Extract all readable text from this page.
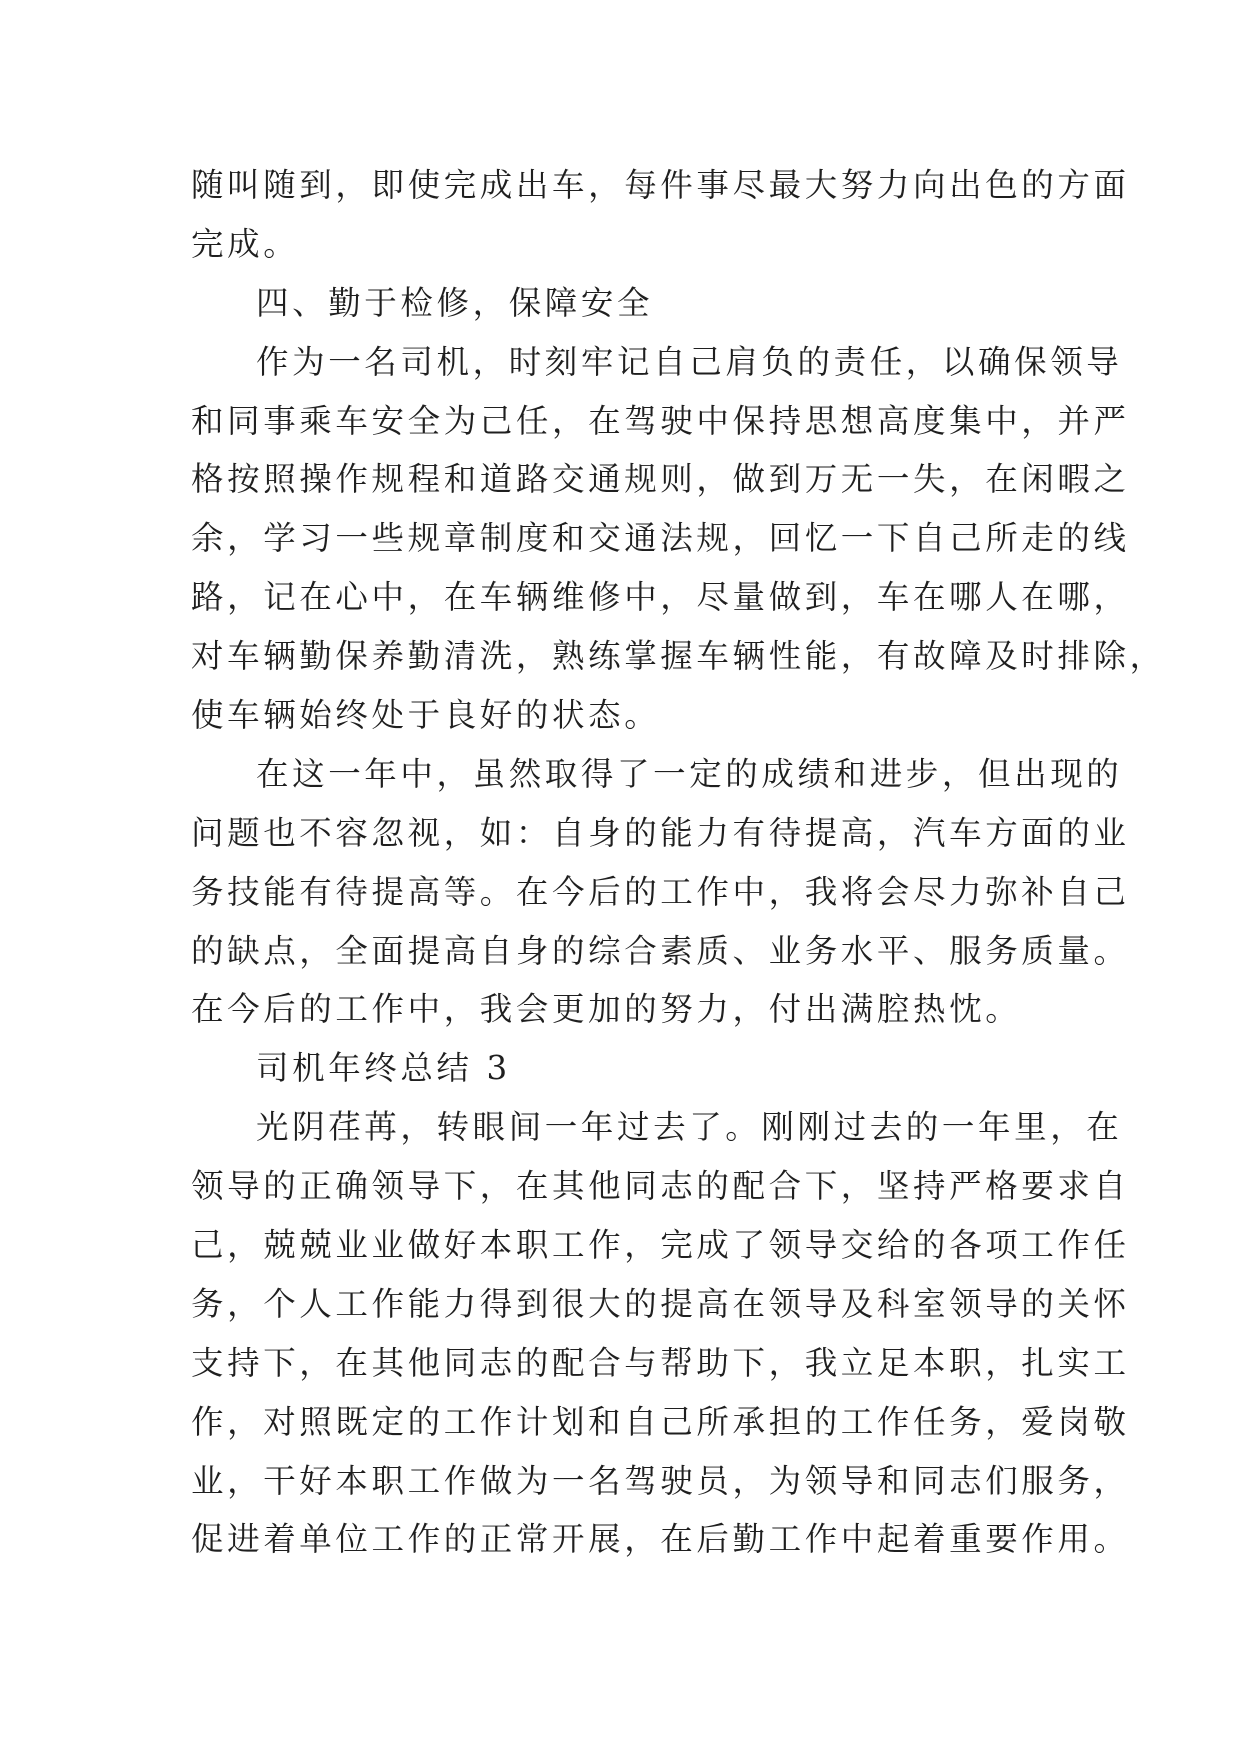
随叫随到，即使完成出车，每件事尽最大努力向出色的方面
完成。
四、勤于检修，保障安全
作为一名司机，时刻牢记自己肩负的责任，以确保领导
和同事乘车安全为己任，在驾驶中保持思想高度集中，并严
格按照操作规程和道路交通规则，做到万无一失，在闲暇之
余，学习一些规章制度和交通法规，回忆一下自己所走的线
路，记在心中，在车辆维修中，尽量做到，车在哪人在哪，
对车辆勤保养勤清洗，熟练掌握车辆性能，有故障及时排除，
使车辆始终处于良好的状态。
在这一年中，虽然取得了一定的成绩和进步，但出现的
问题也不容忽视，如：自身的能力有待提高，汽车方面的业
务技能有待提高等。在今后的工作中，我将会尽力弥补自己
的缺点，全面提高自身的综合素质、业务水平、服务质量。
在今后的工作中，我会更加的努力，付出满腔热忱。
司机年终总结 3
光阴荏苒，转眼间一年过去了。刚刚过去的一年里，在
领导的正确领导下，在其他同志的配合下，坚持严格要求自
己，兢兢业业做好本职工作，完成了领导交给的各项工作任
务，个人工作能力得到很大的提高在领导及科室领导的关怀
支持下，在其他同志的配合与帮助下，我立足本职，扎实工
作，对照既定的工作计划和自己所承担的工作任务，爱岗敬
业，干好本职工作做为一名驾驶员，为领导和同志们服务，
促进着单位工作的正常开展，在后勤工作中起着重要作用。
